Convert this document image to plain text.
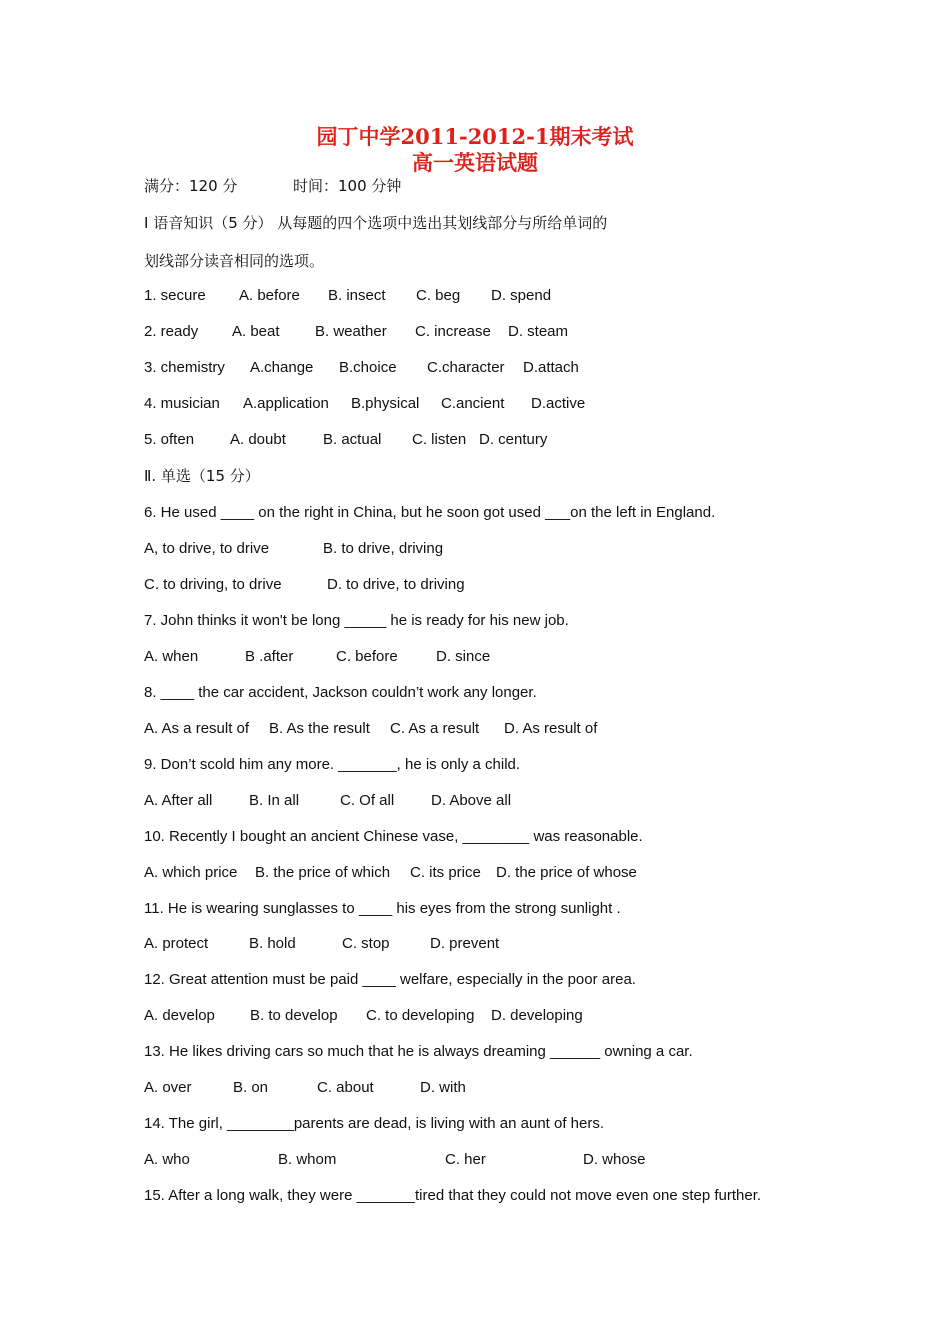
园丁中学2011-2012-1期末考试
高一英语试题
满分：120 分	时间：100 分钟
Ⅰ 语音知识（5 分） 从每题的四个选项中选出其划线部分与所给单词的
划线部分读音相同的选项。
1. secure A. before B. insect C. beg D. spend
2. ready A. beat B. weather C. increase D. steam
3. chemistry A.change B.choice C.character D.attach
4. musician A.application B.physical C.ancient D.active
5. often A. doubt B. actual C. listen D. century
Ⅱ. 单选（15 分）
6. He used ____ on the right in China, but he soon got used ___on the left in England.
A, to drive, to drive	B. to drive, driving
C. to driving, to drive	D. to drive, to driving
7. John thinks it won't be long _____ he is ready for his new job.
A. when	B .after	C. before	D. since
8. ____ the car accident, Jackson couldn’t work any longer.
A. As a result of B. As the result C. As a result D. As result of
9. Don’t scold him any more. _______, he is only a child.
A. After all B. In all	C. Of all D. Above all
10. Recently I bought an ancient Chinese vase, ________ was reasonable.
A. which price B. the price of which C. its price D. the price of whose
11. He is wearing sunglasses to ____ his eyes from the strong sunlight .
A. protect	B. hold	C. stop	D. prevent
12. Great attention must be paid ____ welfare, especially in the poor area.
A. develop B. to develop C. to developing D. developing
13. He likes driving cars so much that he is always dreaming ______ owning a car.
A. over	B. on	C. about	D. with
14. The girl, ________parents are dead, is living with an aunt of hers.
A. who	B. whom	C. her	D. whose
15. After a long walk, they were _______tired that they could not move even one step further.
